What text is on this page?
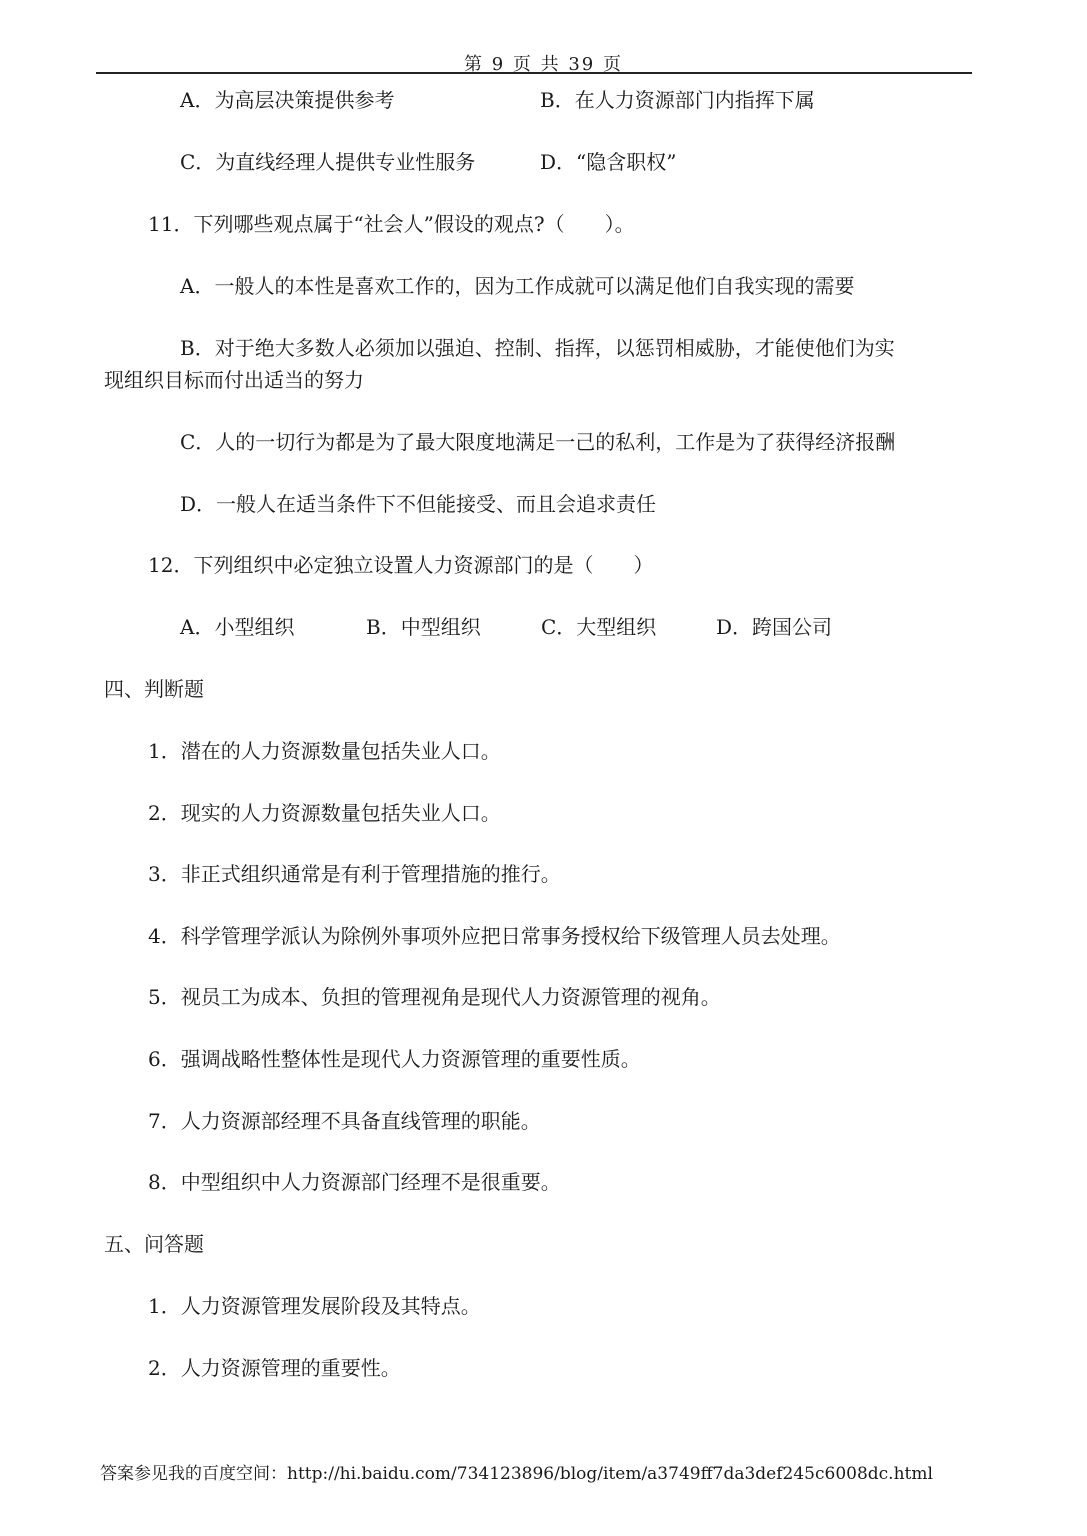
第 9 页 共 39 页
A．为高层决策提供参考	B．在人力资源部门内指挥下属
C．为直线经理人提供专业性服务	D．“隐含职权”
11．下列哪些观点属于“社会人”假设的观点?（　　）。
A．一般人的本性是喜欢工作的，因为工作成就可以满足他们自我实现的需要
B．对于绝大多数人必须加以强迫、控制、指挥，以惩罚相威胁，才能使他们为实
现组织目标而付出适当的努力
C．人的一切行为都是为了最大限度地满足一己的私利，工作是为了获得经济报酬
D．一般人在适当条件下不但能接受、而且会追求责任
12．下列组织中必定独立设置人力资源部门的是（　　）
A．小型组织	B．中型组织	C．大型组织	D．跨国公司
四、判断题
1．潜在的人力资源数量包括失业人口。
2．现实的人力资源数量包括失业人口。
3．非正式组织通常是有利于管理措施的推行。
4．科学管理学派认为除例外事项外应把日常事务授权给下级管理人员去处理。
5．视员工为成本、负担的管理视角是现代人力资源管理的视角。
6．强调战略性整体性是现代人力资源管理的重要性质。
7．人力资源部经理不具备直线管理的职能。
8．中型组织中人力资源部门经理不是很重要。
五、问答题
1．人力资源管理发展阶段及其特点。
2．人力资源管理的重要性。
答案参见我的百度空间：http://hi.baidu.com/734123896/blog/item/a3749ff7da3def245c6008dc.html
